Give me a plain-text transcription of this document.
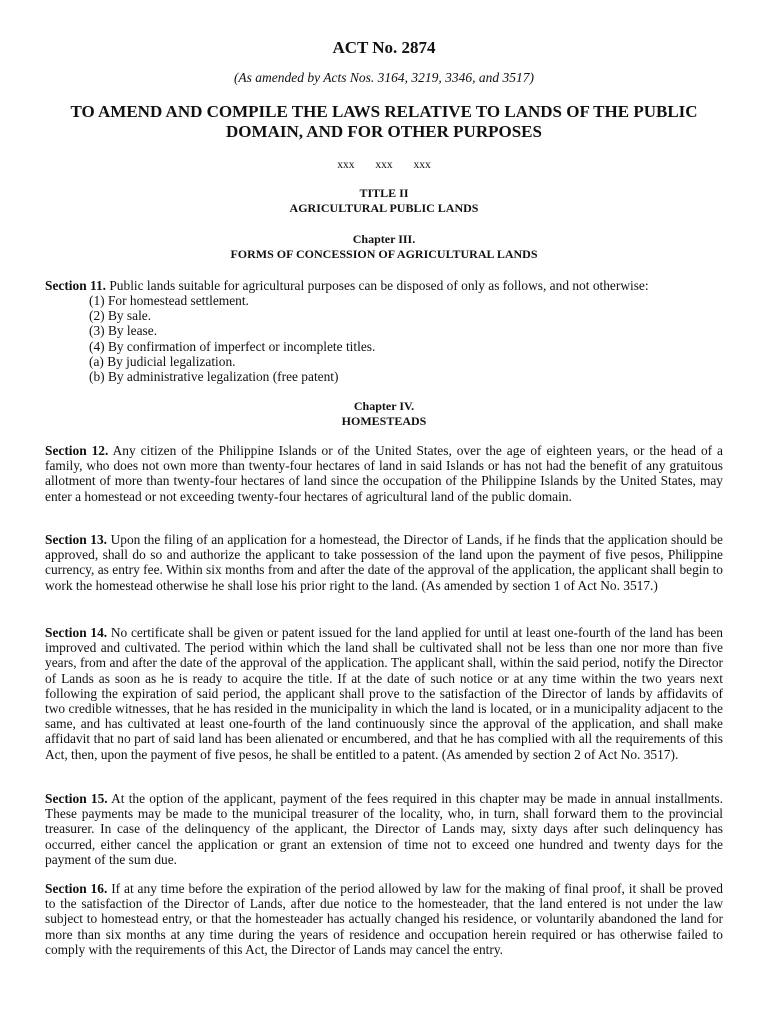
ACT No. 2874
(As amended by Acts Nos. 3164, 3219, 3346, and 3517)
TO AMEND AND COMPILE THE LAWS RELATIVE TO LANDS OF THE PUBLIC DOMAIN, AND FOR OTHER PURPOSES
xxx xxx xxx
TITLE II
AGRICULTURAL PUBLIC LANDS
Chapter III.
FORMS OF CONCESSION OF AGRICULTURAL LANDS
Section 11. Public lands suitable for agricultural purposes can be disposed of only as follows, and not otherwise:
(1) For homestead settlement.
(2) By sale.
(3) By lease.
(4) By confirmation of imperfect or incomplete titles.
(a) By judicial legalization.
(b) By administrative legalization (free patent)
Chapter IV.
HOMESTEADS
Section 12. Any citizen of the Philippine Islands or of the United States, over the age of eighteen years, or the head of a family, who does not own more than twenty-four hectares of land in said Islands or has not had the benefit of any gratuitous allotment of more than twenty-four hectares of land since the occupation of the Philippine Islands by the United States, may enter a homestead or not exceeding twenty-four hectares of agricultural land of the public domain.
Section 13. Upon the filing of an application for a homestead, the Director of Lands, if he finds that the application should be approved, shall do so and authorize the applicant to take possession of the land upon the payment of five pesos, Philippine currency, as entry fee. Within six months from and after the date of the approval of the application, the applicant shall begin to work the homestead otherwise he shall lose his prior right to the land. (As amended by section 1 of Act No. 3517.)
Section 14. No certificate shall be given or patent issued for the land applied for until at least one-fourth of the land has been improved and cultivated. The period within which the land shall be cultivated shall not be less than one nor more than five years, from and after the date of the approval of the application. The applicant shall, within the said period, notify the Director of Lands as soon as he is ready to acquire the title. If at the date of such notice or at any time within the two years next following the expiration of said period, the applicant shall prove to the satisfaction of the Director of lands by affidavits of two credible witnesses, that he has resided in the municipality in which the land is located, or in a municipality adjacent to the same, and has cultivated at least one-fourth of the land continuously since the approval of the application, and shall make affidavit that no part of said land has been alienated or encumbered, and that he has complied with all the requirements of this Act, then, upon the payment of five pesos, he shall be entitled to a patent. (As amended by section 2 of Act No. 3517).
Section 15. At the option of the applicant, payment of the fees required in this chapter may be made in annual installments. These payments may be made to the municipal treasurer of the locality, who, in turn, shall forward them to the provincial treasurer. In case of the delinquency of the applicant, the Director of Lands may, sixty days after such delinquency has occurred, either cancel the application or grant an extension of time not to exceed one hundred and twenty days for the payment of the sum due.
Section 16. If at any time before the expiration of the period allowed by law for the making of final proof, it shall be proved to the satisfaction of the Director of Lands, after due notice to the homesteader, that the land entered is not under the law subject to homestead entry, or that the homesteader has actually changed his residence, or voluntarily abandoned the land for more than six months at any time during the years of residence and occupation herein required or has otherwise failed to comply with the requirements of this Act, the Director of Lands may cancel the entry.
